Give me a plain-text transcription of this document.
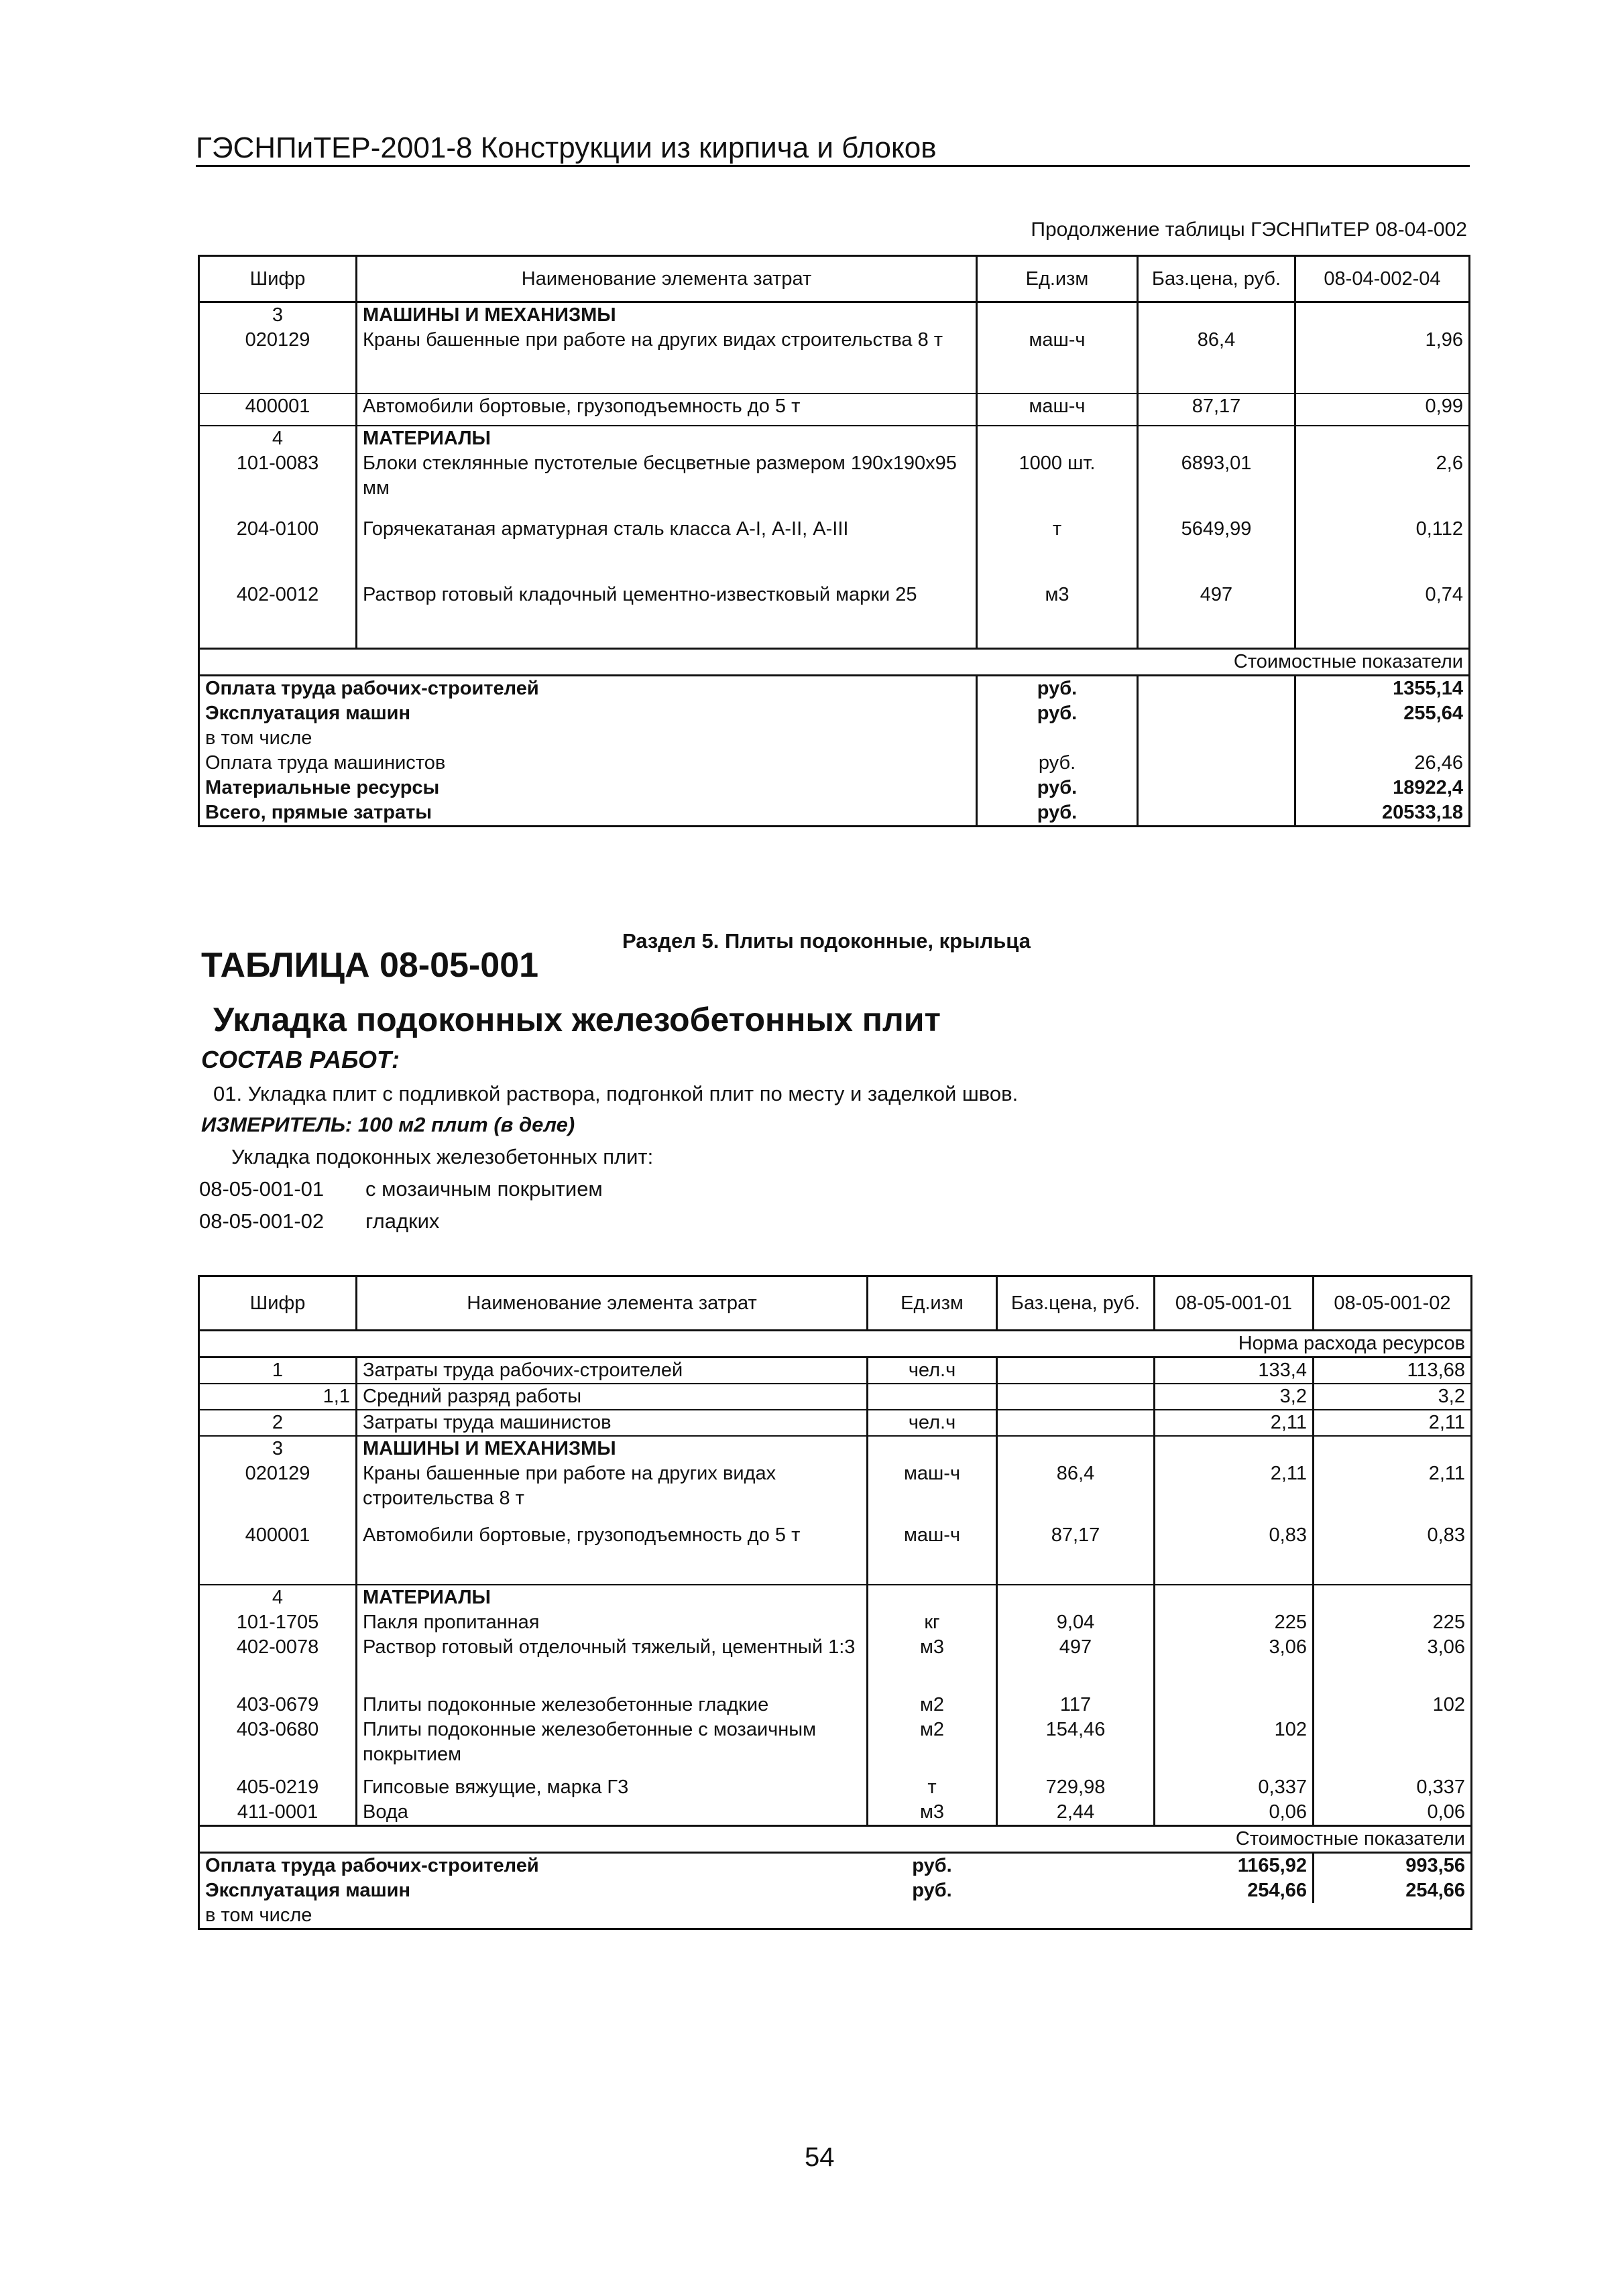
ГЭСНПиТЕР-2001-8 Конструкции из кирпича и блоков
Продолжение таблицы ГЭСНПиТЕР 08-04-002
Шифр	Наименование элемента затрат	Ед.изм	Баз.цена, руб.	08-04-002-04
3	МАШИНЫ И МЕХАНИЗМЫ			
020129	Краны башенные при работе на других видах строительства 8 т	маш-ч	86,4	1,96
400001	Автомобили бортовые, грузоподъемность до 5 т	маш-ч	87,17	0,99
4	МАТЕРИАЛЫ			
101-0083	Блоки стеклянные пустотелые бесцветные размером 190х190х95 мм	1000 шт.	6893,01	2,6
204-0100	Горячекатаная арматурная сталь класса А-I, А-II, А-III	т	5649,99	0,112
402-0012	Раствор готовый кладочный цементно-известковый марки 25	м3	497	0,74
Стоимостные показатели				
Оплата труда рабочих-строителей		руб.		1355,14
Эксплуатация машин		руб.		255,64
в том числе				
Оплата труда машинистов		руб.		26,46
Материальные ресурсы		руб.		18922,4
Всего, прямые затраты		руб.		20533,18
Раздел 5. Плиты подоконные, крыльца
ТАБЛИЦА 08-05-001
Укладка подоконных железобетонных плит
СОСТАВ РАБОТ:
01. Укладка плит с подливкой раствора, подгонкой плит по месту и заделкой швов.
ИЗМЕРИТЕЛЬ: 100 м2 плит (в деле)
Укладка подоконных железобетонных плит:
08-05-001-01 с мозаичным покрытием
08-05-001-02 гладких
Шифр	Наименование элемента затрат	Ед.изм	Баз.цена, руб.	08-05-001-01	08-05-001-02
Норма расхода ресурсов					
1	Затраты труда рабочих-строителей	чел.ч		133,4	113,68
1,1	Средний разряд работы			3,2	3,2
2	Затраты труда машинистов	чел.ч		2,11	2,11
3	МАШИНЫ И МЕХАНИЗМЫ				
020129	Краны башенные при работе на других видах строительства 8 т	маш-ч	86,4	2,11	2,11
400001	Автомобили бортовые, грузоподъемность до 5 т	маш-ч	87,17	0,83	0,83
4	МАТЕРИАЛЫ				
101-1705	Пакля пропитанная	кг	9,04	225	225
402-0078	Раствор готовый отделочный тяжелый, цементный 1:3	м3	497	3,06	3,06
403-0679	Плиты подоконные железобетонные гладкие	м2	117		102
403-0680	Плиты подоконные железобетонные с мозаичным покрытием	м2	154,46	102	
405-0219	Гипсовые вяжущие, марка Г3	т	729,98	0,337	0,337
411-0001	Вода	м3	2,44	0,06	0,06
Стоимостные показатели					
Оплата труда рабочих-строителей		руб.		1165,92	993,56
Эксплуатация машин		руб.		254,66	254,66
в том числе					
54
